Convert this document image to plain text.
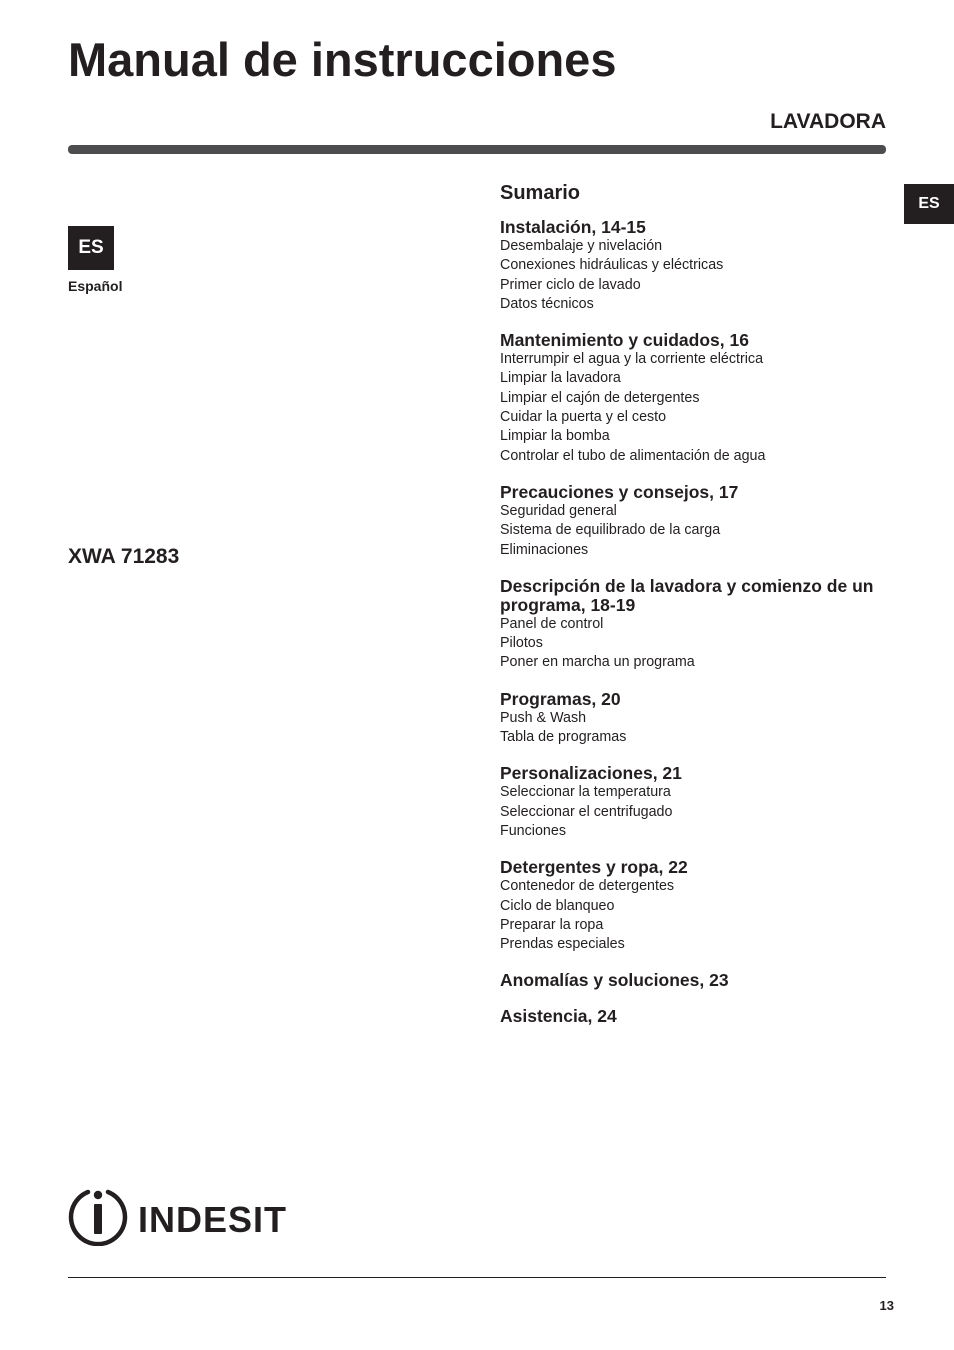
Manual de instrucciones
LAVADORA
ES
Español
ES
XWA 71283
Sumario
Instalación, 14-15
Desembalaje y nivelación
Conexiones hidráulicas y eléctricas
Primer ciclo de lavado
Datos técnicos
Mantenimiento y cuidados, 16
Interrumpir el agua y la corriente eléctrica
Limpiar la lavadora
Limpiar el cajón de detergentes
Cuidar la puerta y el cesto
Limpiar la bomba
Controlar el tubo de alimentación de agua
Precauciones y consejos, 17
Seguridad general
Sistema de equilibrado de la carga
Eliminaciones
Descripción de la lavadora y comienzo de un programa, 18-19
Panel de control
Pilotos
Poner en marcha un programa
Programas, 20
Push & Wash
Tabla de programas
Personalizaciones, 21
Seleccionar la temperatura
Seleccionar el centrifugado
Funciones
Detergentes y ropa, 22
Contenedor de detergentes
Ciclo de blanqueo
Preparar la ropa
Prendas especiales
Anomalías y soluciones, 23
Asistencia, 24
INDESIT
13
